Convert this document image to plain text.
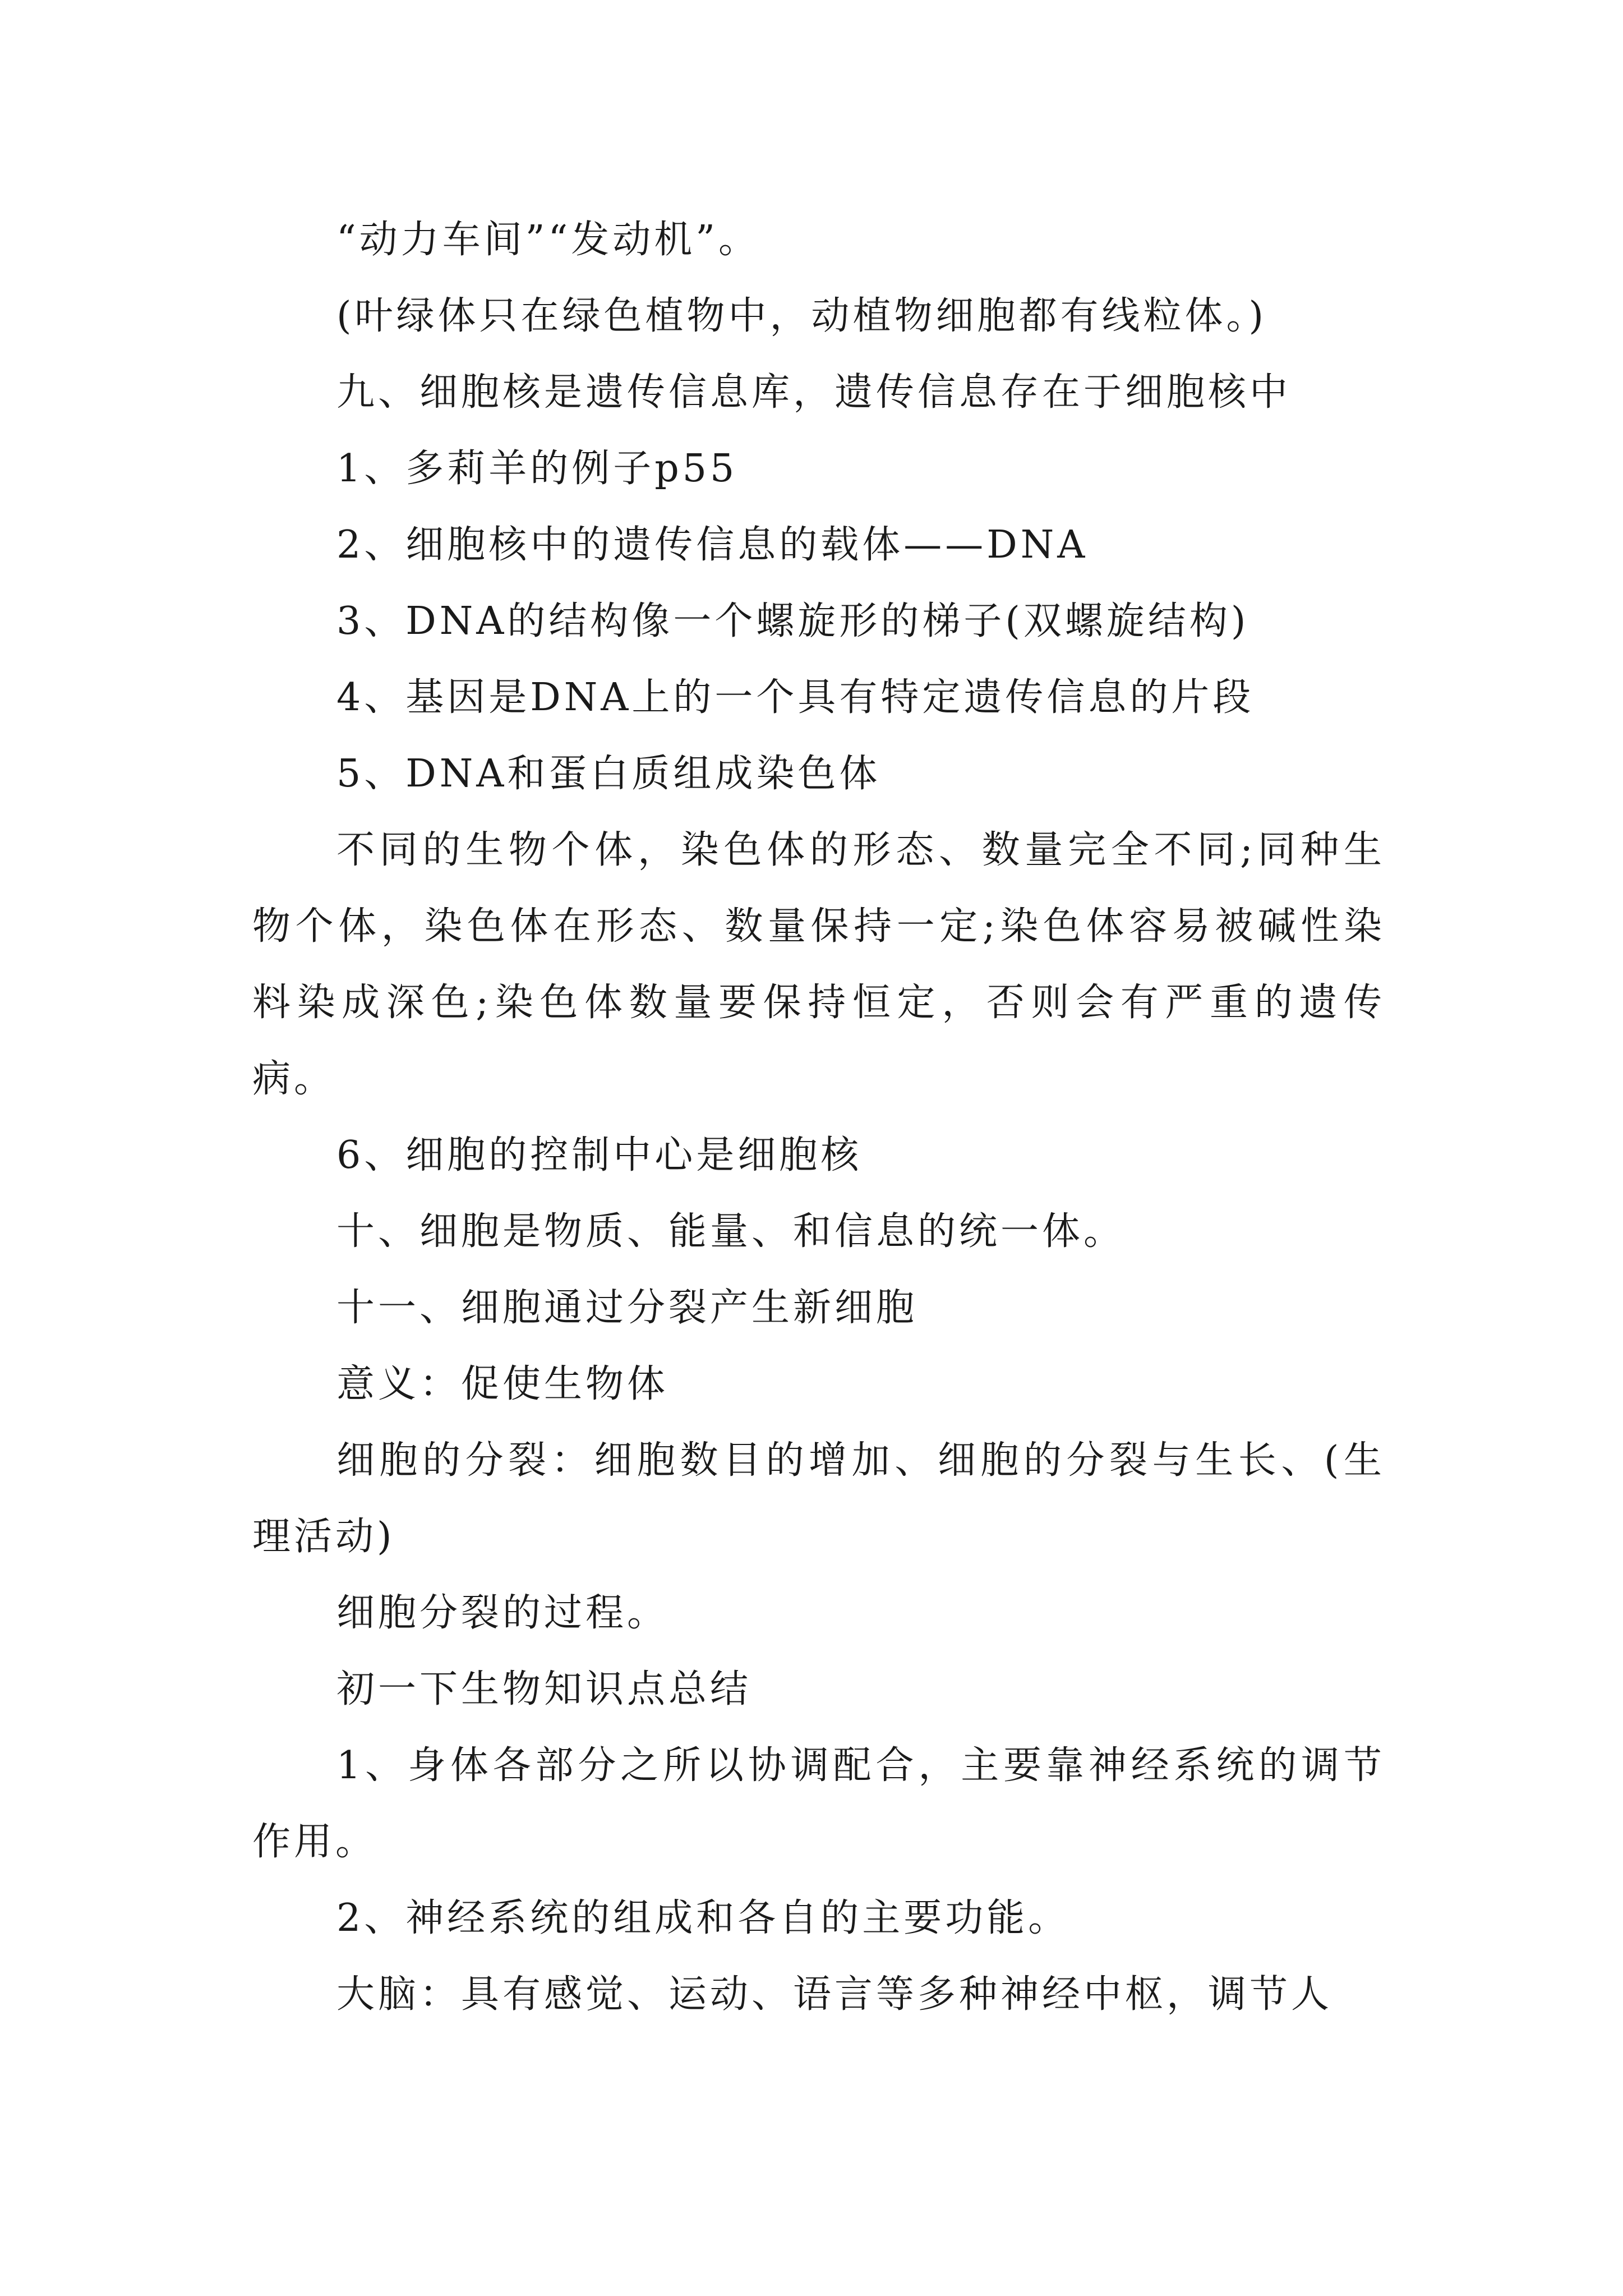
“动力车间”“发动机”。

(叶绿体只在绿色植物中，动植物细胞都有线粒体。)

九、细胞核是遗传信息库，遗传信息存在于细胞核中

1、多莉羊的例子p55

2、细胞核中的遗传信息的载体——DNA

3、DNA的结构像一个螺旋形的梯子(双螺旋结构)

4、基因是DNA上的一个具有特定遗传信息的片段

5、DNA和蛋白质组成染色体

不同的生物个体，染色体的形态、数量完全不同;同种生物个体，染色体在形态、数量保持一定;染色体容易被碱性染料染成深色;染色体数量要保持恒定，否则会有严重的遗传病。

6、细胞的控制中心是细胞核

十、细胞是物质、能量、和信息的统一体。

十一、细胞通过分裂产生新细胞

意义：促使生物体

细胞的分裂：细胞数目的增加、细胞的分裂与生长、(生理活动)

细胞分裂的过程。

初一下生物知识点总结

1、身体各部分之所以协调配合，主要靠神经系统的调节作用。

2、神经系统的组成和各自的主要功能。

大脑：具有感觉、运动、语言等多种神经中枢，调节人
